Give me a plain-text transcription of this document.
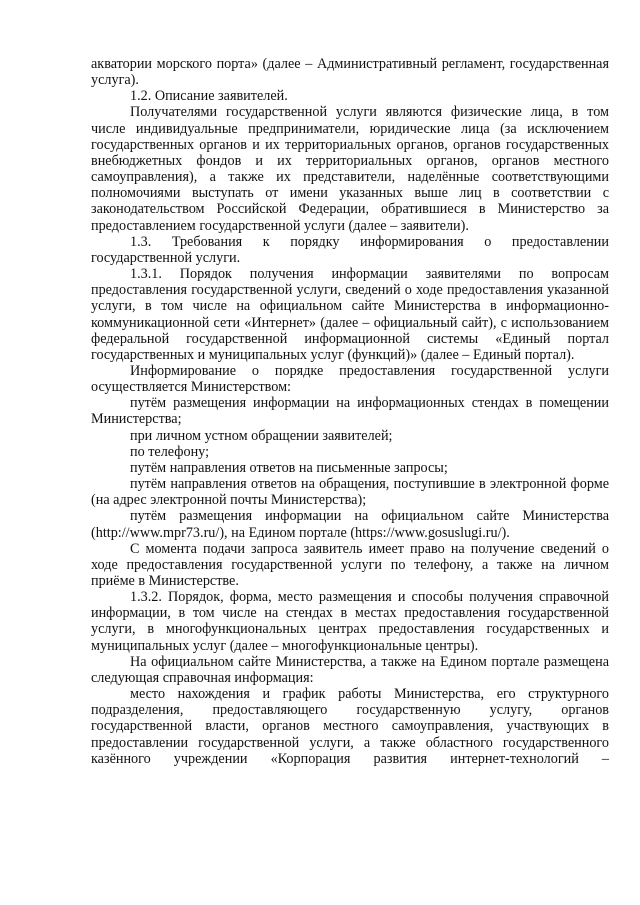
акватории морского порта» (далее – Административный регламент, государственная услуга).

1.2. Описание заявителей.

Получателями государственной услуги являются физические лица, в том числе индивидуальные предприниматели, юридические лица (за исключением государственных органов и их территориальных органов, органов государственных внебюджетных фондов и их территориальных органов, органов местного самоуправления), а также их представители, наделённые соответствующими полномочиями выступать от имени указанных выше лиц в соответствии с законодательством Российской Федерации, обратившиеся в Министерство за предоставлением государственной услуги (далее – заявители).

1.3. Требования к порядку информирования о предоставлении государственной услуги.

1.3.1. Порядок получения информации заявителями по вопросам предоставления государственной услуги, сведений о ходе предоставления указанной услуги, в том числе на официальном сайте Министерства в информационно-коммуникационной сети «Интернет» (далее – официальный сайт), с использованием федеральной государственной информационной системы «Единый портал государственных и муниципальных услуг (функций)» (далее – Единый портал).

Информирование о порядке предоставления государственной услуги осуществляется Министерством:

путём размещения информации на информационных стендах в помещении Министерства;

при личном устном обращении заявителей;

по телефону;

путём направления ответов на письменные запросы;

путём направления ответов на обращения, поступившие в электронной форме (на адрес электронной почты Министерства);

путём размещения информации на официальном сайте Министерства (http://www.mpr73.ru/), на Едином портале (https://www.gosuslugi.ru/).

С момента подачи запроса заявитель имеет право на получение сведений о ходе предоставления государственной услуги по телефону, а также на личном приёме в Министерстве.

1.3.2. Порядок, форма, место размещения и способы получения справочной информации, в том числе на стендах в местах предоставления государственной услуги, в многофункциональных центрах предоставления государственных и муниципальных услуг (далее – многофункциональные центры).

На официальном сайте Министерства, а также на Едином портале размещена следующая справочная информация:

место нахождения и график работы Министерства, его структурного подразделения, предоставляющего государственную услугу, органов государственной власти, органов местного самоуправления, участвующих в предоставлении государственной услуги, а также областного государственного казённого учреждении «Корпорация развития интернет-технологий –
